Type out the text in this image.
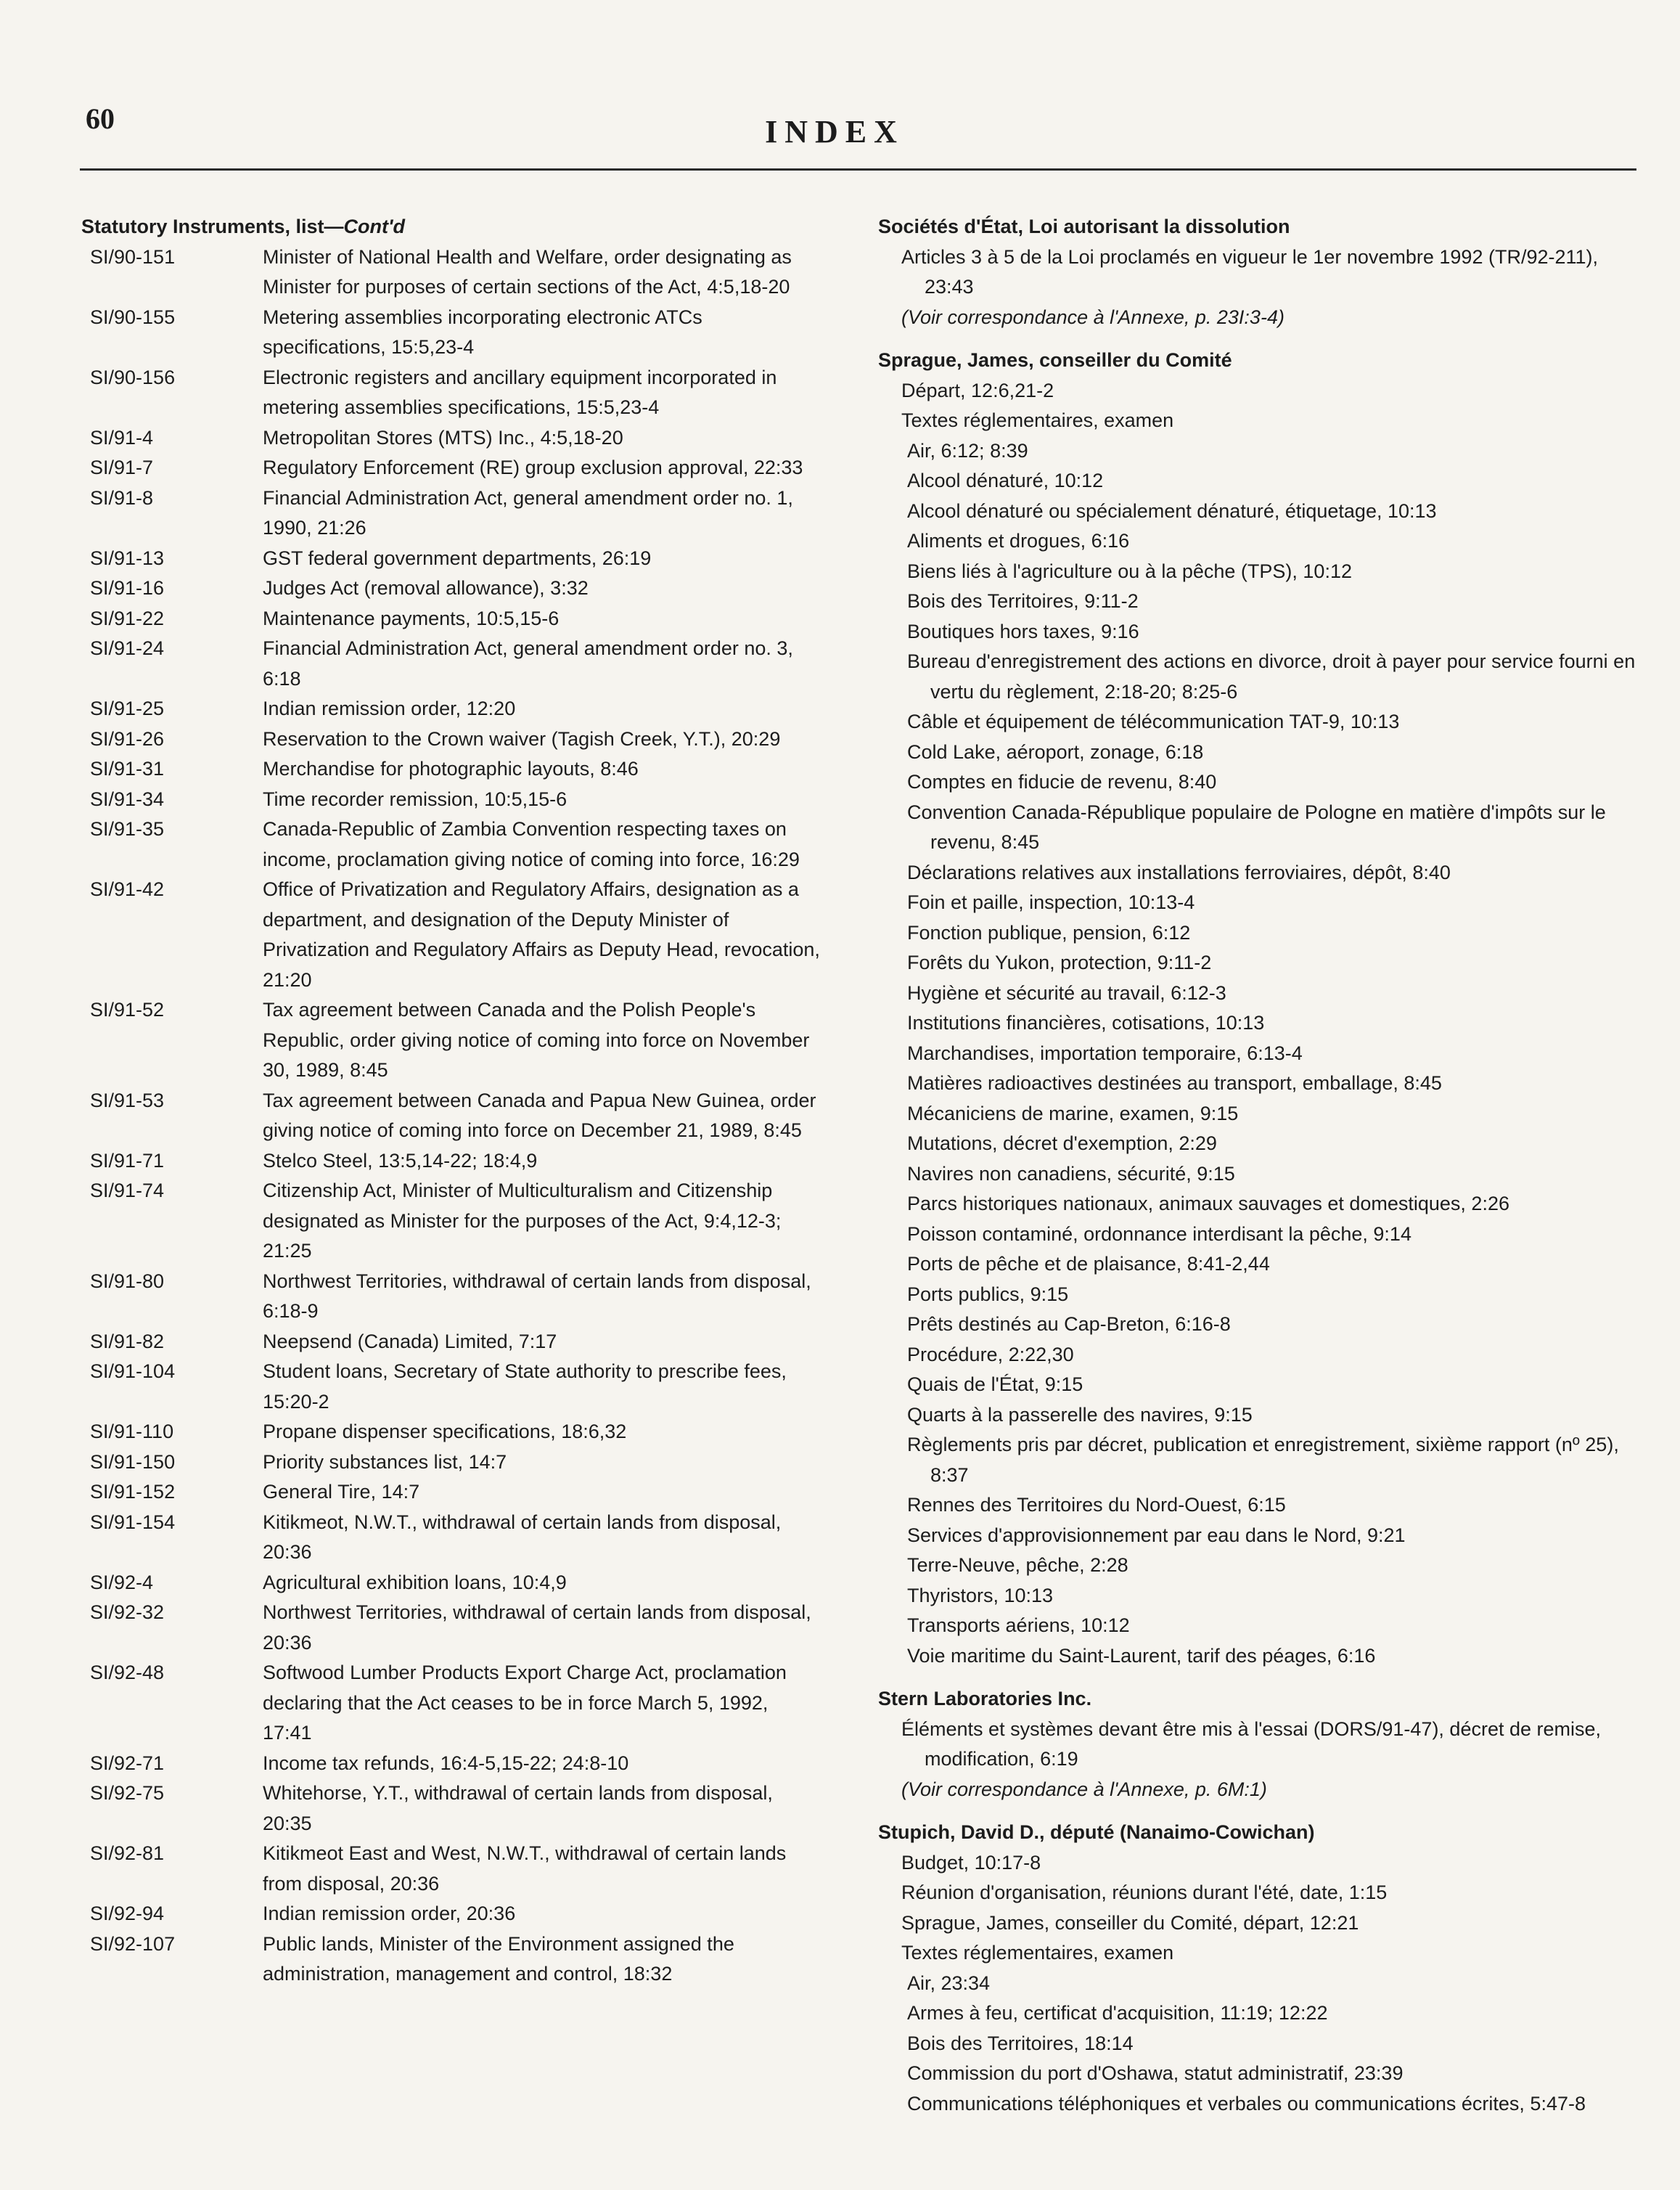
60	INDEX
Statutory Instruments, list—Cont'd
SI/90-151	Minister of National Health and Welfare, order designating as Minister for purposes of certain sections of the Act, 4:5,18-20
SI/90-155	Metering assemblies incorporating electronic ATCs specifications, 15:5,23-4
SI/90-156	Electronic registers and ancillary equipment incorporated in metering assemblies specifications, 15:5,23-4
SI/91-4	Metropolitan Stores (MTS) Inc., 4:5,18-20
SI/91-7	Regulatory Enforcement (RE) group exclusion approval, 22:33
SI/91-8	Financial Administration Act, general amendment order no. 1, 1990, 21:26
SI/91-13	GST federal government departments, 26:19
SI/91-16	Judges Act (removal allowance), 3:32
SI/91-22	Maintenance payments, 10:5,15-6
SI/91-24	Financial Administration Act, general amendment order no. 3, 6:18
SI/91-25	Indian remission order, 12:20
SI/91-26	Reservation to the Crown waiver (Tagish Creek, Y.T.), 20:29
SI/91-31	Merchandise for photographic layouts, 8:46
SI/91-34	Time recorder remission, 10:5,15-6
SI/91-35	Canada-Republic of Zambia Convention respecting taxes on income, proclamation giving notice of coming into force, 16:29
SI/91-42	Office of Privatization and Regulatory Affairs, designation as a department, and designation of the Deputy Minister of Privatization and Regulatory Affairs as Deputy Head, revocation, 21:20
SI/91-52	Tax agreement between Canada and the Polish People's Republic, order giving notice of coming into force on November 30, 1989, 8:45
SI/91-53	Tax agreement between Canada and Papua New Guinea, order giving notice of coming into force on December 21, 1989, 8:45
SI/91-71	Stelco Steel, 13:5,14-22; 18:4,9
SI/91-74	Citizenship Act, Minister of Multiculturalism and Citizenship designated as Minister for the purposes of the Act, 9:4,12-3; 21:25
SI/91-80	Northwest Territories, withdrawal of certain lands from disposal, 6:18-9
SI/91-82	Neepsend (Canada) Limited, 7:17
SI/91-104	Student loans, Secretary of State authority to prescribe fees, 15:20-2
SI/91-110	Propane dispenser specifications, 18:6,32
SI/91-150	Priority substances list, 14:7
SI/91-152	General Tire, 14:7
SI/91-154	Kitikmeot, N.W.T., withdrawal of certain lands from disposal, 20:36
SI/92-4	Agricultural exhibition loans, 10:4,9
SI/92-32	Northwest Territories, withdrawal of certain lands from disposal, 20:36
SI/92-48	Softwood Lumber Products Export Charge Act, proclamation declaring that the Act ceases to be in force March 5, 1992, 17:41
SI/92-71	Income tax refunds, 16:4-5,15-22; 24:8-10
SI/92-75	Whitehorse, Y.T., withdrawal of certain lands from disposal, 20:35
SI/92-81	Kitikmeot East and West, N.W.T., withdrawal of certain lands from disposal, 20:36
SI/92-94	Indian remission order, 20:36
SI/92-107	Public lands, Minister of the Environment assigned the administration, management and control, 18:32
Sociétés d'État, Loi autorisant la dissolution
Articles 3 à 5 de la Loi proclamés en vigueur le 1er novembre 1992 (TR/92-211), 23:43
(Voir correspondance à l'Annexe, p. 23I:3-4)
Sprague, James, conseiller du Comité
Départ, 12:6,21-2
Textes réglementaires, examen
Air, 6:12; 8:39
Alcool dénaturé, 10:12
Alcool dénaturé ou spécialement dénaturé, étiquetage, 10:13
Aliments et drogues, 6:16
Biens liés à l'agriculture ou à la pêche (TPS), 10:12
Bois des Territoires, 9:11-2
Boutiques hors taxes, 9:16
Bureau d'enregistrement des actions en divorce, droit à payer pour service fourni en vertu du règlement, 2:18-20; 8:25-6
Câble et équipement de télécommunication TAT-9, 10:13
Cold Lake, aéroport, zonage, 6:18
Comptes en fiducie de revenu, 8:40
Convention Canada-République populaire de Pologne en matière d'impôts sur le revenu, 8:45
Déclarations relatives aux installations ferroviaires, dépôt, 8:40
Foin et paille, inspection, 10:13-4
Fonction publique, pension, 6:12
Forêts du Yukon, protection, 9:11-2
Hygiène et sécurité au travail, 6:12-3
Institutions financières, cotisations, 10:13
Marchandises, importation temporaire, 6:13-4
Matières radioactives destinées au transport, emballage, 8:45
Mécaniciens de marine, examen, 9:15
Mutations, décret d'exemption, 2:29
Navires non canadiens, sécurité, 9:15
Parcs historiques nationaux, animaux sauvages et domestiques, 2:26
Poisson contaminé, ordonnance interdisant la pêche, 9:14
Ports de pêche et de plaisance, 8:41-2,44
Ports publics, 9:15
Prêts destinés au Cap-Breton, 6:16-8
Procédure, 2:22,30
Quais de l'État, 9:15
Quarts à la passerelle des navires, 9:15
Règlements pris par décret, publication et enregistrement, sixième rapport (nº 25), 8:37
Rennes des Territoires du Nord-Ouest, 6:15
Services d'approvisionnement par eau dans le Nord, 9:21
Terre-Neuve, pêche, 2:28
Thyristors, 10:13
Transports aériens, 10:12
Voie maritime du Saint-Laurent, tarif des péages, 6:16
Stern Laboratories Inc.
Éléments et systèmes devant être mis à l'essai (DORS/91-47), décret de remise, modification, 6:19
(Voir correspondance à l'Annexe, p. 6M:1)
Stupich, David D., député (Nanaimo-Cowichan)
Budget, 10:17-8
Réunion d'organisation, réunions durant l'été, date, 1:15
Sprague, James, conseiller du Comité, départ, 12:21
Textes réglementaires, examen
Air, 23:34
Armes à feu, certificat d'acquisition, 11:19; 12:22
Bois des Territoires, 18:14
Commission du port d'Oshawa, statut administratif, 23:39
Communications téléphoniques et verbales ou communications écrites, 5:47-8
